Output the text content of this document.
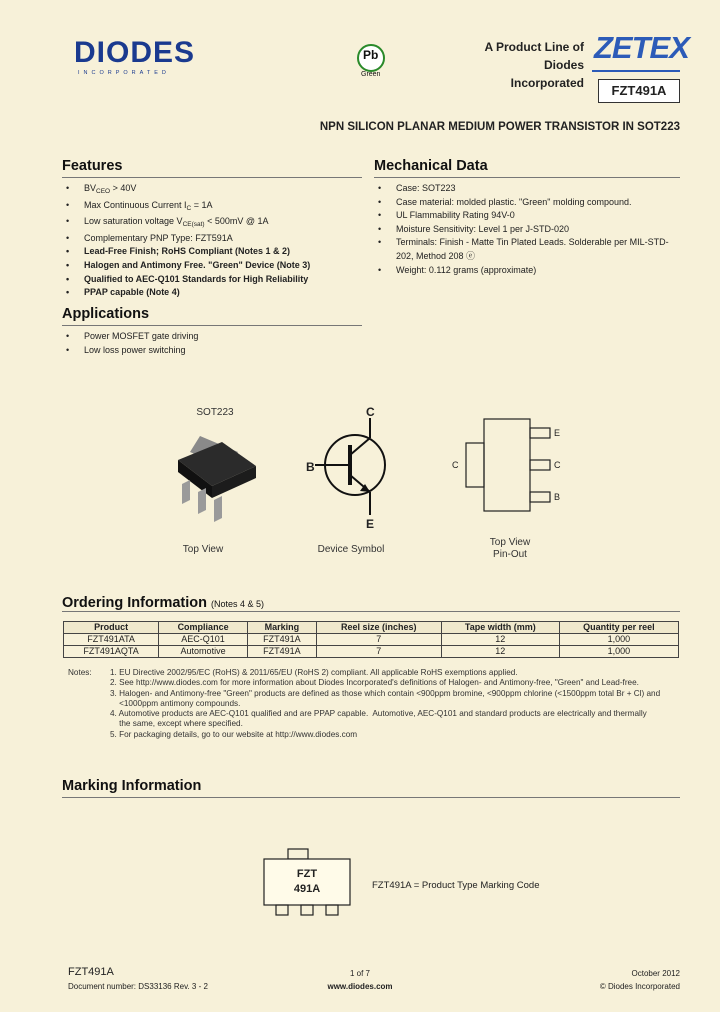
DIODES
INCORPORATED
Pb
Green
A Product Line of
Diodes Incorporated
ZETEX
FZT491A
NPN SILICON PLANAR MEDIUM POWER TRANSISTOR IN SOT223
Features
• $BV_{CEO} > 40V$
• Max Continuous Current $I_C = 1A$
• Low saturation voltage $V_{CE(sat)} < 500mV$ @ 1A
• Complementary PNP Type: FZT591A
• Lead-Free Finish; RoHS Compliant (Notes 1 & 2)
• Halogen and Antimony Free. "Green" Device (Note 3)
• Qualified to AEC-Q101 Standards for High Reliability
• PPAP capable (Note 4)
Mechanical Data
• Case: SOT223
• Case material: molded plastic. "Green" molding compound.
• UL Flammability Rating 94V-0
• Moisture Sensitivity: Level 1 per J-STD-020
• Terminals: Finish - Matte Tin Plated Leads. Solderable per MIL-STD-202, Method 208 ⓔ
• Weight: 0.112 grams (approximate)
Applications
• Power MOSFET gate driving
• Low loss power switching
SOT223
Top View
C
B
E
Device Symbol
C
E
C
B
Top View
Pin-Out
Ordering Information (Notes 4 & 5)
Product	Compliance	Marking	Reel size (inches)	Tape width (mm)	Quantity per reel
FZT491ATA	AEC-Q101	FZT491A	7	12	1,000
FZT491AQTA	Automotive	FZT491A	7	12	1,000
Notes: 1. EU Directive 2002/95/EC (RoHS) & 2011/65/EU (RoHS 2) compliant. All applicable RoHS exemptions applied.
2. See http://www.diodes.com for more information about Diodes Incorporated's definitions of Halogen- and Antimony-free, "Green" and Lead-free.
3. Halogen- and Antimony-free "Green" products are defined as those which contain <900ppm bromine, <900ppm chlorine (<1500ppm total Br + Cl) and
<1000ppm antimony compounds.
4. Automotive products are AEC-Q101 qualified and are PPAP capable.  Automotive, AEC-Q101 and standard products are electrically and thermally
the same, except where specified.
5. For packaging details, go to our website at http://www.diodes.com
Marking Information
FZT
491A	FZT491A = Product Type Marking Code
FZT491A
Document number: DS33136 Rev. 3 - 2
1 of 7
www.diodes.com
October 2012
© Diodes Incorporated
